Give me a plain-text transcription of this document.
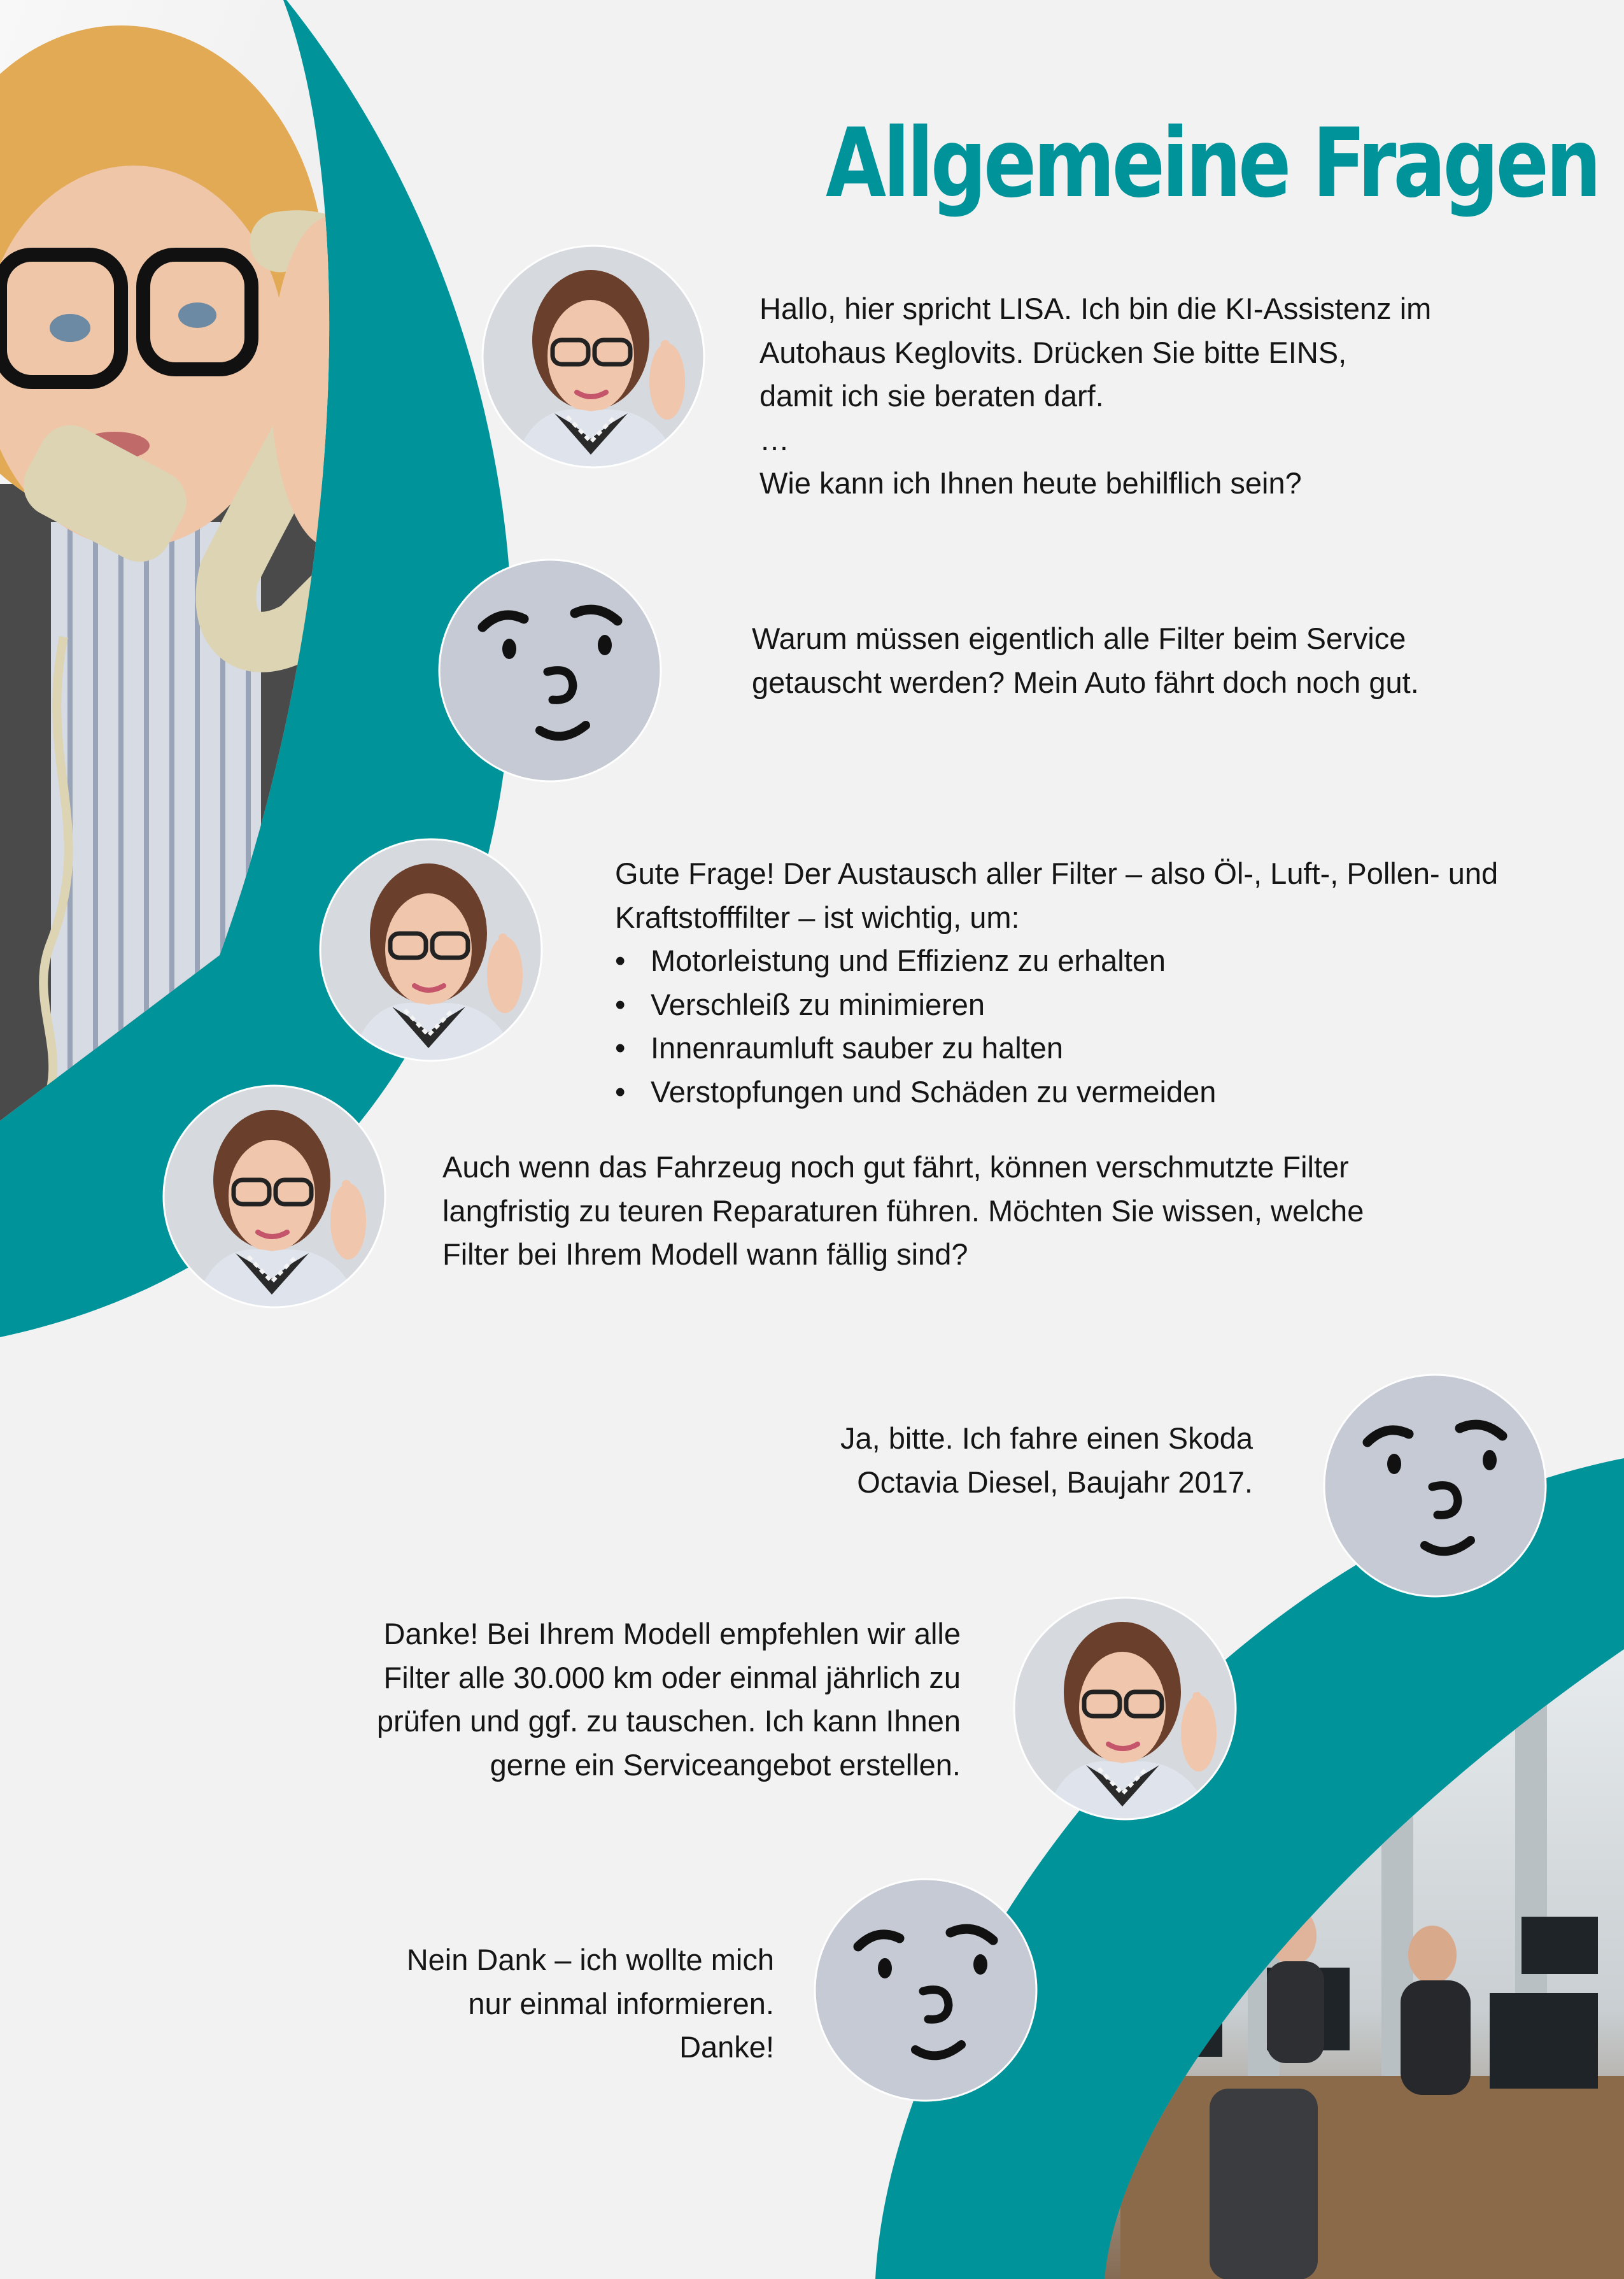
Allgemeine Fragen

Hallo, hier spricht LISA. Ich bin die KI-Assistenz im

Autohaus Keglovits. Drücken Sie bitte EINS,

damit ich sie beraten darf.

…

Wie kann ich Ihnen heute behilflich sein?

Warum müssen eigentlich alle Filter beim Service

getauscht werden? Mein Auto fährt doch noch gut.

Gute Frage! Der Austausch aller Filter – also Öl-, Luft-, Pollen- und

Kraftstofffilter – ist wichtig, um:

• Motorleistung und Effizienz zu erhalten
• Verschleiß zu minimieren
• Innenraumluft sauber zu halten
• Verstopfungen und Schäden zu vermeiden

Auch wenn das Fahrzeug noch gut fährt, können verschmutzte Filter

langfristig zu teuren Reparaturen führen. Möchten Sie wissen, welche

Filter bei Ihrem Modell wann fällig sind?

Ja, bitte. Ich fahre einen Skoda

Octavia Diesel, Baujahr 2017.

Danke! Bei Ihrem Modell empfehlen wir alle

Filter alle 30.000 km oder einmal jährlich zu

prüfen und ggf. zu tauschen. Ich kann Ihnen

gerne ein Serviceangebot erstellen.

Nein Dank – ich wollte mich

nur einmal informieren.

Danke!
